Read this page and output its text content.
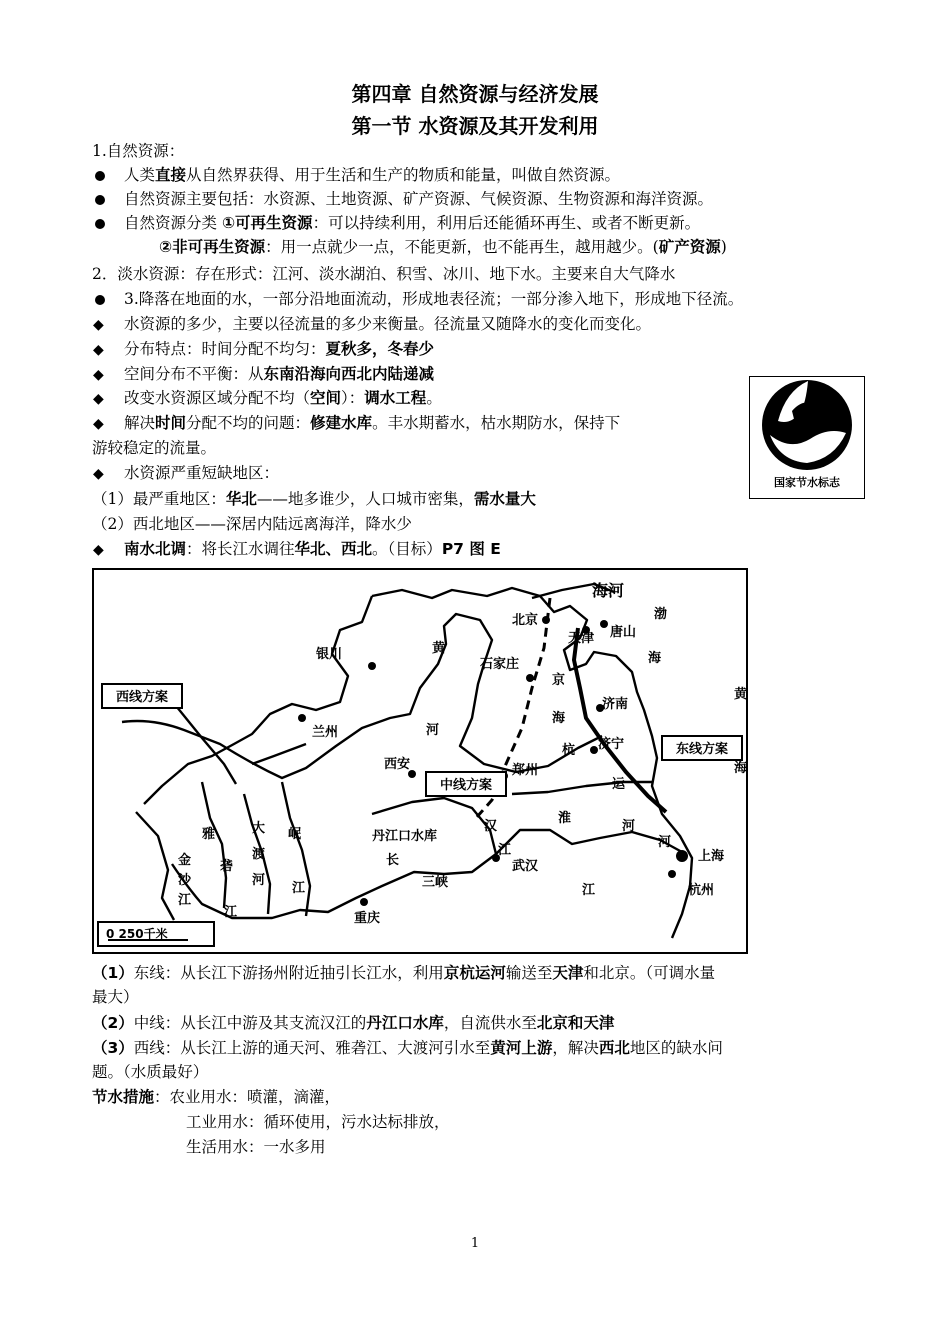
第四章 自然资源与经济发展
第一节 水资源及其开发利用
1.自然资源：
人类直接从自然界获得、用于生活和生产的物质和能量，叫做自然资源。
自然资源主要包括：水资源、土地资源、矿产资源、气候资源、生物资源和海洋资源。
自然资源分类 ①可再生资源：可以持续利用，利用后还能循环再生、或者不断更新。
②非可再生资源：用一点就少一点，不能更新，也不能再生，越用越少。(矿产资源)
2．淡水资源：存在形式：江河、淡水湖泊、积雪、冰川、地下水。主要来自大气降水
3.降落在地面的水，一部分沿地面流动，形成地表径流；一部分渗入地下，形成地下径流。
◆ 水资源的多少，主要以径流量的多少来衡量。径流量又随降水的变化而变化。
◆ 分布特点：时间分配不均匀：夏秋多，冬春少
◆ 空间分布不平衡：从东南沿海向西北内陆递减
◆ 改变水资源区域分配不均（空间）：调水工程。
◆ 解决时间分配不均的问题：修建水库。丰水期蓄水，枯水期防水，保持下
游较稳定的流量。
◆ 水资源严重短缺地区：
（1）最严重地区：华北——地多谁少，人口城市密集，需水量大
（2）西北地区——深居内陆远离海洋，降水少
◆ 南水北调：将长江水调往华北、西北。（目标）P7 图 E
国家节水标志
西线方案
中线方案
东线方案
海河
北京
天津 唐山
渤
海
黄
海
银川	黄
河
石家庄
京
杭
运
河
济南
济宁
兰州
西安	郑州
丹江口水库
汉
江
武汉
淮
河
长
江
三峡
重庆
雅
砻
江
大
渡
河
岷
江
金
沙
江
上海
杭州
海
0 250千米
（1）东线：从长江下游扬州附近抽引长江水，利用京杭运河输送至天津和北京。（可调水量
最大）
（2）中线：从长江中游及其支流汉江的丹江口水库，自流供水至北京和天津
（3）西线：从长江上游的通天河、雅砻江、大渡河引水至黄河上游，解决西北地区的缺水问
题。（水质最好）
节水措施：农业用水：喷灌，滴灌，
工业用水：循环使用，污水达标排放，
生活用水：一水多用
1
